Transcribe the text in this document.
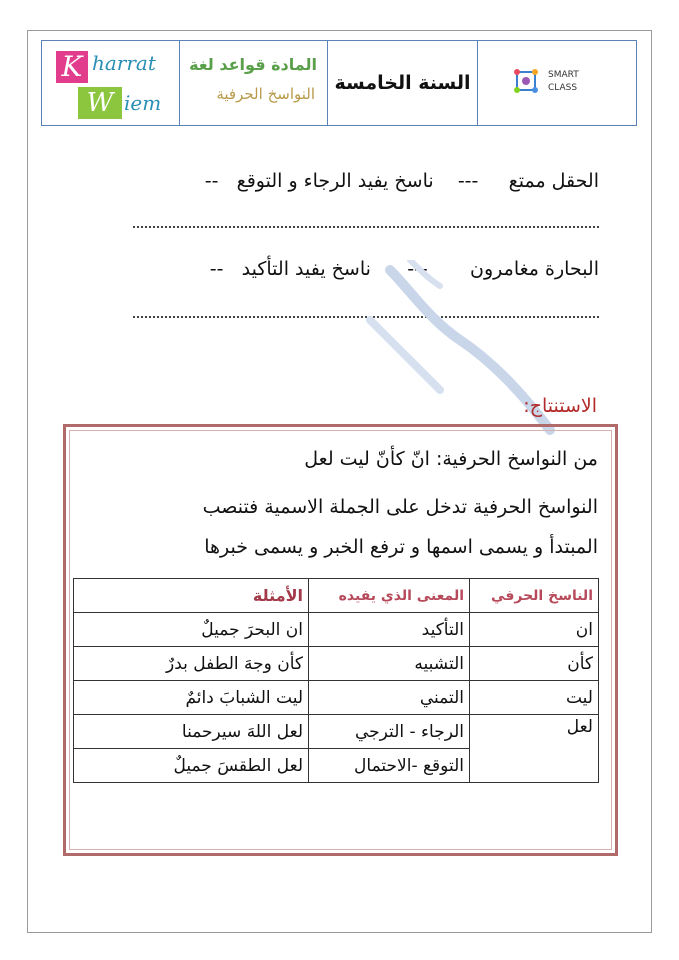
K harrat
W iem
المادة قواعد لغة
النواسخ الحرفية السنة الخامسة	SMART
CLASS
الحقل ممتع     ---    ناسخ يفيد الرجاء و التوقع   --
البحارة مغامرون       ---      ناسخ يفيد التأكيد   --
الاستنتاج:
من النواسخ الحرفية: انّ كأنّ ليت لعل
النواسخ الحرفية تدخل على الجملة الاسمية فتنصب
المبتدأ و يسمى اسمها و ترفع الخبر و يسمى خبرها
الناسخ الحرفي	المعنى الذي يفيده	الأمثلة
ان	التأكيد	ان البحرَ جميلٌ
كأن	التشبيه	كأن وجهَ الطفل بدرٌ
ليت	التمني	ليت الشبابَ دائمٌ
لعل	الرجاء - الترجي	لعل اللهَ سيرحمنا
	التوقع -الاحتمال	لعل الطقسَ جميلٌ
